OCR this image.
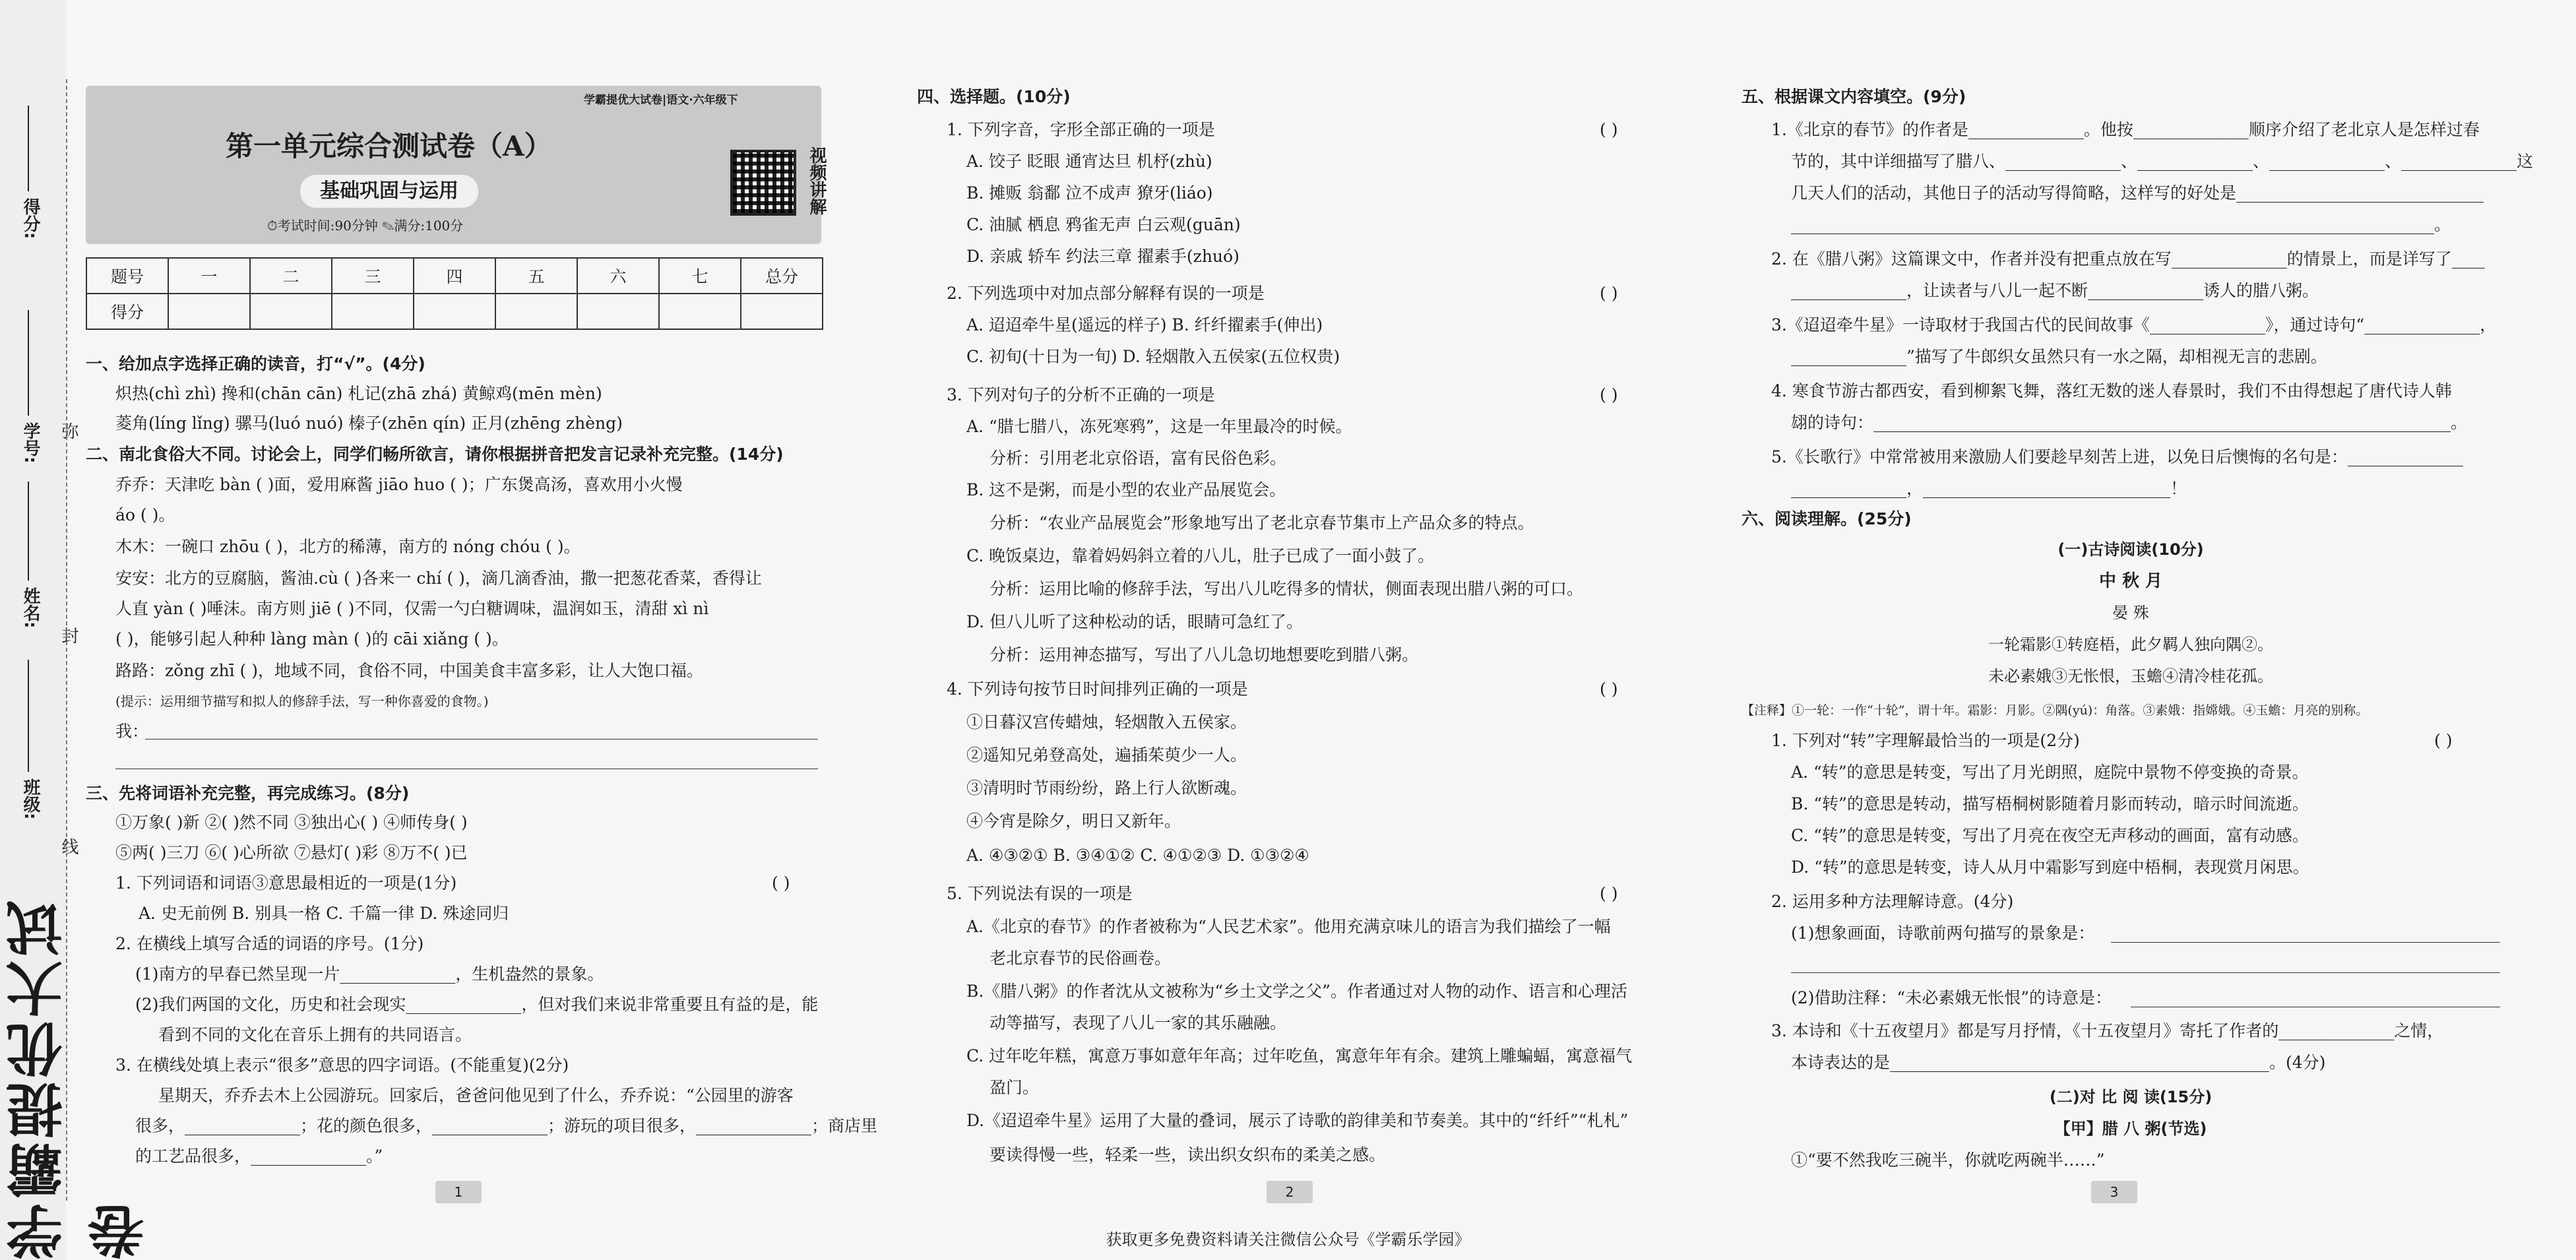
得分:
学号:
姓名:
班级:
弥
封
线
学霸提优大试卷
学霸提优大试卷|语文·六年级下
第一单元综合测试卷（A）
基础巩固与运用
⏱考试时间:90分钟 ✎满分:100分
视频讲解
题号	一	二	三	四	五	六	七	总分
得分								
一、给加点字选择正确的读音，打“√”。(4分)
炽热(chì zhì) 搀和(chān cān) 札记(zhā zhá) 黄鲸鸡(mēn mèn)
菱角(líng lǐng) 骡马(luó nuó) 榛子(zhēn qín) 正月(zhēng zhèng)
二、南北食俗大不同。讨论会上，同学们畅所欲言，请你根据拼音把发言记录补充完整。(14分)
乔乔：天津吃 bàn ( )面，爱用麻酱 jiāo huo ( )；广东煲高汤，喜欢用小火慢
áo ( )。
木木：一碗口 zhōu ( )，北方的稀薄，南方的 nóng chóu ( )。
安安：北方的豆腐脑，酱油.cù ( )各来一 chí ( )，滴几滴香油，撒一把葱花香菜，香得让
人直 yàn ( )唾沫。南方则 jiē ( )不同，仅需一勺白糖调味，温润如玉，清甜 xì nì
( )，能够引起人种种 làng màn ( )的 cāi xiǎng ( )。
路路：zǒng zhī ( )，地域不同，食俗不同，中国美食丰富多彩，让人大饱口福。
(提示：运用细节描写和拟人的修辞手法，写一种你喜爱的食物。)
我：
三、先将词语补充完整，再完成练习。(8分)
①万象( )新 ②( )然不同 ③独出心( ) ④师传身( )
⑤两( )三刀 ⑥( )心所欲 ⑦悬灯( )彩 ⑧万不( )已
1. 下列词语和词语③意思最相近的一项是(1分)	( )
A. 史无前例 B. 别具一格 C. 千篇一律 D. 殊途同归
2. 在横线上填写合适的词语的序号。(1分)
(1)南方的早春已然呈现一片______________，生机盎然的景象。
(2)我们两国的文化，历史和社会现实______________，但对我们来说非常重要且有益的是，能
看到不同的文化在音乐上拥有的共同语言。
3. 在横线处填上表示“很多”意思的四字词语。(不能重复)(2分)
星期天，乔乔去木上公园游玩。回家后，爸爸问他见到了什么，乔乔说：“公园里的游客
很多，______________；花的颜色很多，______________；游玩的项目很多，______________；商店里
的工艺品很多，______________。”
1
四、选择题。(10分)
1. 下列字音，字形全部正确的一项是	( )
A. 饺子 眨眼 通宵达旦 机杼(zhù)
B. 摊贩 翁鄱 泣不成声 獠牙(liáo)
C. 油腻 栖息 鸦雀无声 白云观(guān)
D. 亲戚 轿车 约法三章 擢素手(zhuó)
2. 下列选项中对加点部分解释有误的一项是	( )
A. 迢迢牵牛星(遥远的样子) B. 纤纤擢素手(伸出)
C. 初旬(十日为一旬) D. 轻烟散入五侯家(五位权贵)
3. 下列对句子的分析不正确的一项是	( )
A. “腊七腊八，冻死寒鸦”，这是一年里最冷的时候。
分析：引用老北京俗语，富有民俗色彩。
B. 这不是粥，而是小型的农业产品展览会。
分析：“农业产品展览会”形象地写出了老北京春节集市上产品众多的特点。
C. 晚饭桌边，靠着妈妈斜立着的八儿，肚子已成了一面小鼓了。
分析：运用比喻的修辞手法，写出八儿吃得多的情状，侧面表现出腊八粥的可口。
D. 但八儿听了这种松动的话，眼睛可急红了。
分析：运用神态描写，写出了八儿急切地想要吃到腊八粥。
4. 下列诗句按节日时间排列正确的一项是	( )
①日暮汉宫传蜡烛，轻烟散入五侯家。
②遥知兄弟登高处，遍插茱萸少一人。
③清明时节雨纷纷，路上行人欲断魂。
④今宵是除夕，明日又新年。
A. ④③②① B. ③④①② C. ④①②③ D. ①③②④
5. 下列说法有误的一项是	( )
A.《北京的春节》的作者被称为“人民艺术家”。他用充满京味儿的语言为我们描绘了一幅
老北京春节的民俗画卷。
B.《腊八粥》的作者沈从文被称为“乡土文学之父”。作者通过对人物的动作、语言和心理活
动等描写，表现了八儿一家的其乐融融。
C. 过年吃年糕，寓意万事如意年年高；过年吃鱼，寓意年年有余。建筑上雕蝙蝠，寓意福气
盈门。
D.《迢迢牵牛星》运用了大量的叠词，展示了诗歌的韵律美和节奏美。其中的“纤纤”“札札”
要读得慢一些，轻柔一些，读出织女织布的柔美之感。
2
五、根据课文内容填空。(9分)
1.《北京的春节》的作者是______________。他按______________顺序介绍了老北京人是怎样过春
节的，其中详细描写了腊八、______________、______________、______________、______________这
几天人们的活动，其他日子的活动写得简略，这样写的好处是______________________________
______________________________________________________________________________。
2. 在《腊八粥》这篇课文中，作者并没有把重点放在写______________的情景上，而是详写了____
______________，让读者与八儿一起不断______________诱人的腊八粥。
3.《迢迢牵牛星》一诗取材于我国古代的民间故事《______________》，通过诗句“______________，
______________”描写了牛郎织女虽然只有一水之隔，却相视无言的悲剧。
4. 寒食节游古都西安，看到柳絮飞舞，落红无数的迷人春景时，我们不由得想起了唐代诗人韩
翃的诗句：______________________________________________________________________。
5.《长歌行》中常常被用来激励人们要趁早刻苦上进，以免日后懊悔的名句是：______________
______________，______________________________！
六、阅读理解。(25分)
(一)古诗阅读(10分)
中 秋 月
晏 殊
一轮霜影①转庭梧，此夕羁人独向隅②。
未必素娥③无怅恨，玉蟾④清冷桂花孤。
【注释】①一轮：一作“十轮”，谓十年。霜影：月影。②隅(yú)：角落。③素娥：指嫦娥。④玉蟾：月亮的别称。
1. 下列对“转”字理解最恰当的一项是(2分)	( )
A. “转”的意思是转变，写出了月光朗照，庭院中景物不停变换的奇景。
B. “转”的意思是转动，描写梧桐树影随着月影而转动，暗示时间流逝。
C. “转”的意思是转变，写出了月亮在夜空无声移动的画面，富有动感。
D. “转”的意思是转变，诗人从月中霜影写到庭中梧桐，表现赏月闲思。
2. 运用多种方法理解诗意。(4分)
(1)想象画面，诗歌前两句描写的景象是：
(2)借助注释：“未必素娥无怅恨”的诗意是：
3. 本诗和《十五夜望月》都是写月抒情，《十五夜望月》寄托了作者的______________之情，
本诗表达的是______________________________________________。(4分)
(二)对 比 阅 读(15分)
【甲】腊 八 粥(节选)
①“要不然我吃三碗半，你就吃两碗半……”
3
获取更多免费资料请关注微信公众号《学霸乐学园》
